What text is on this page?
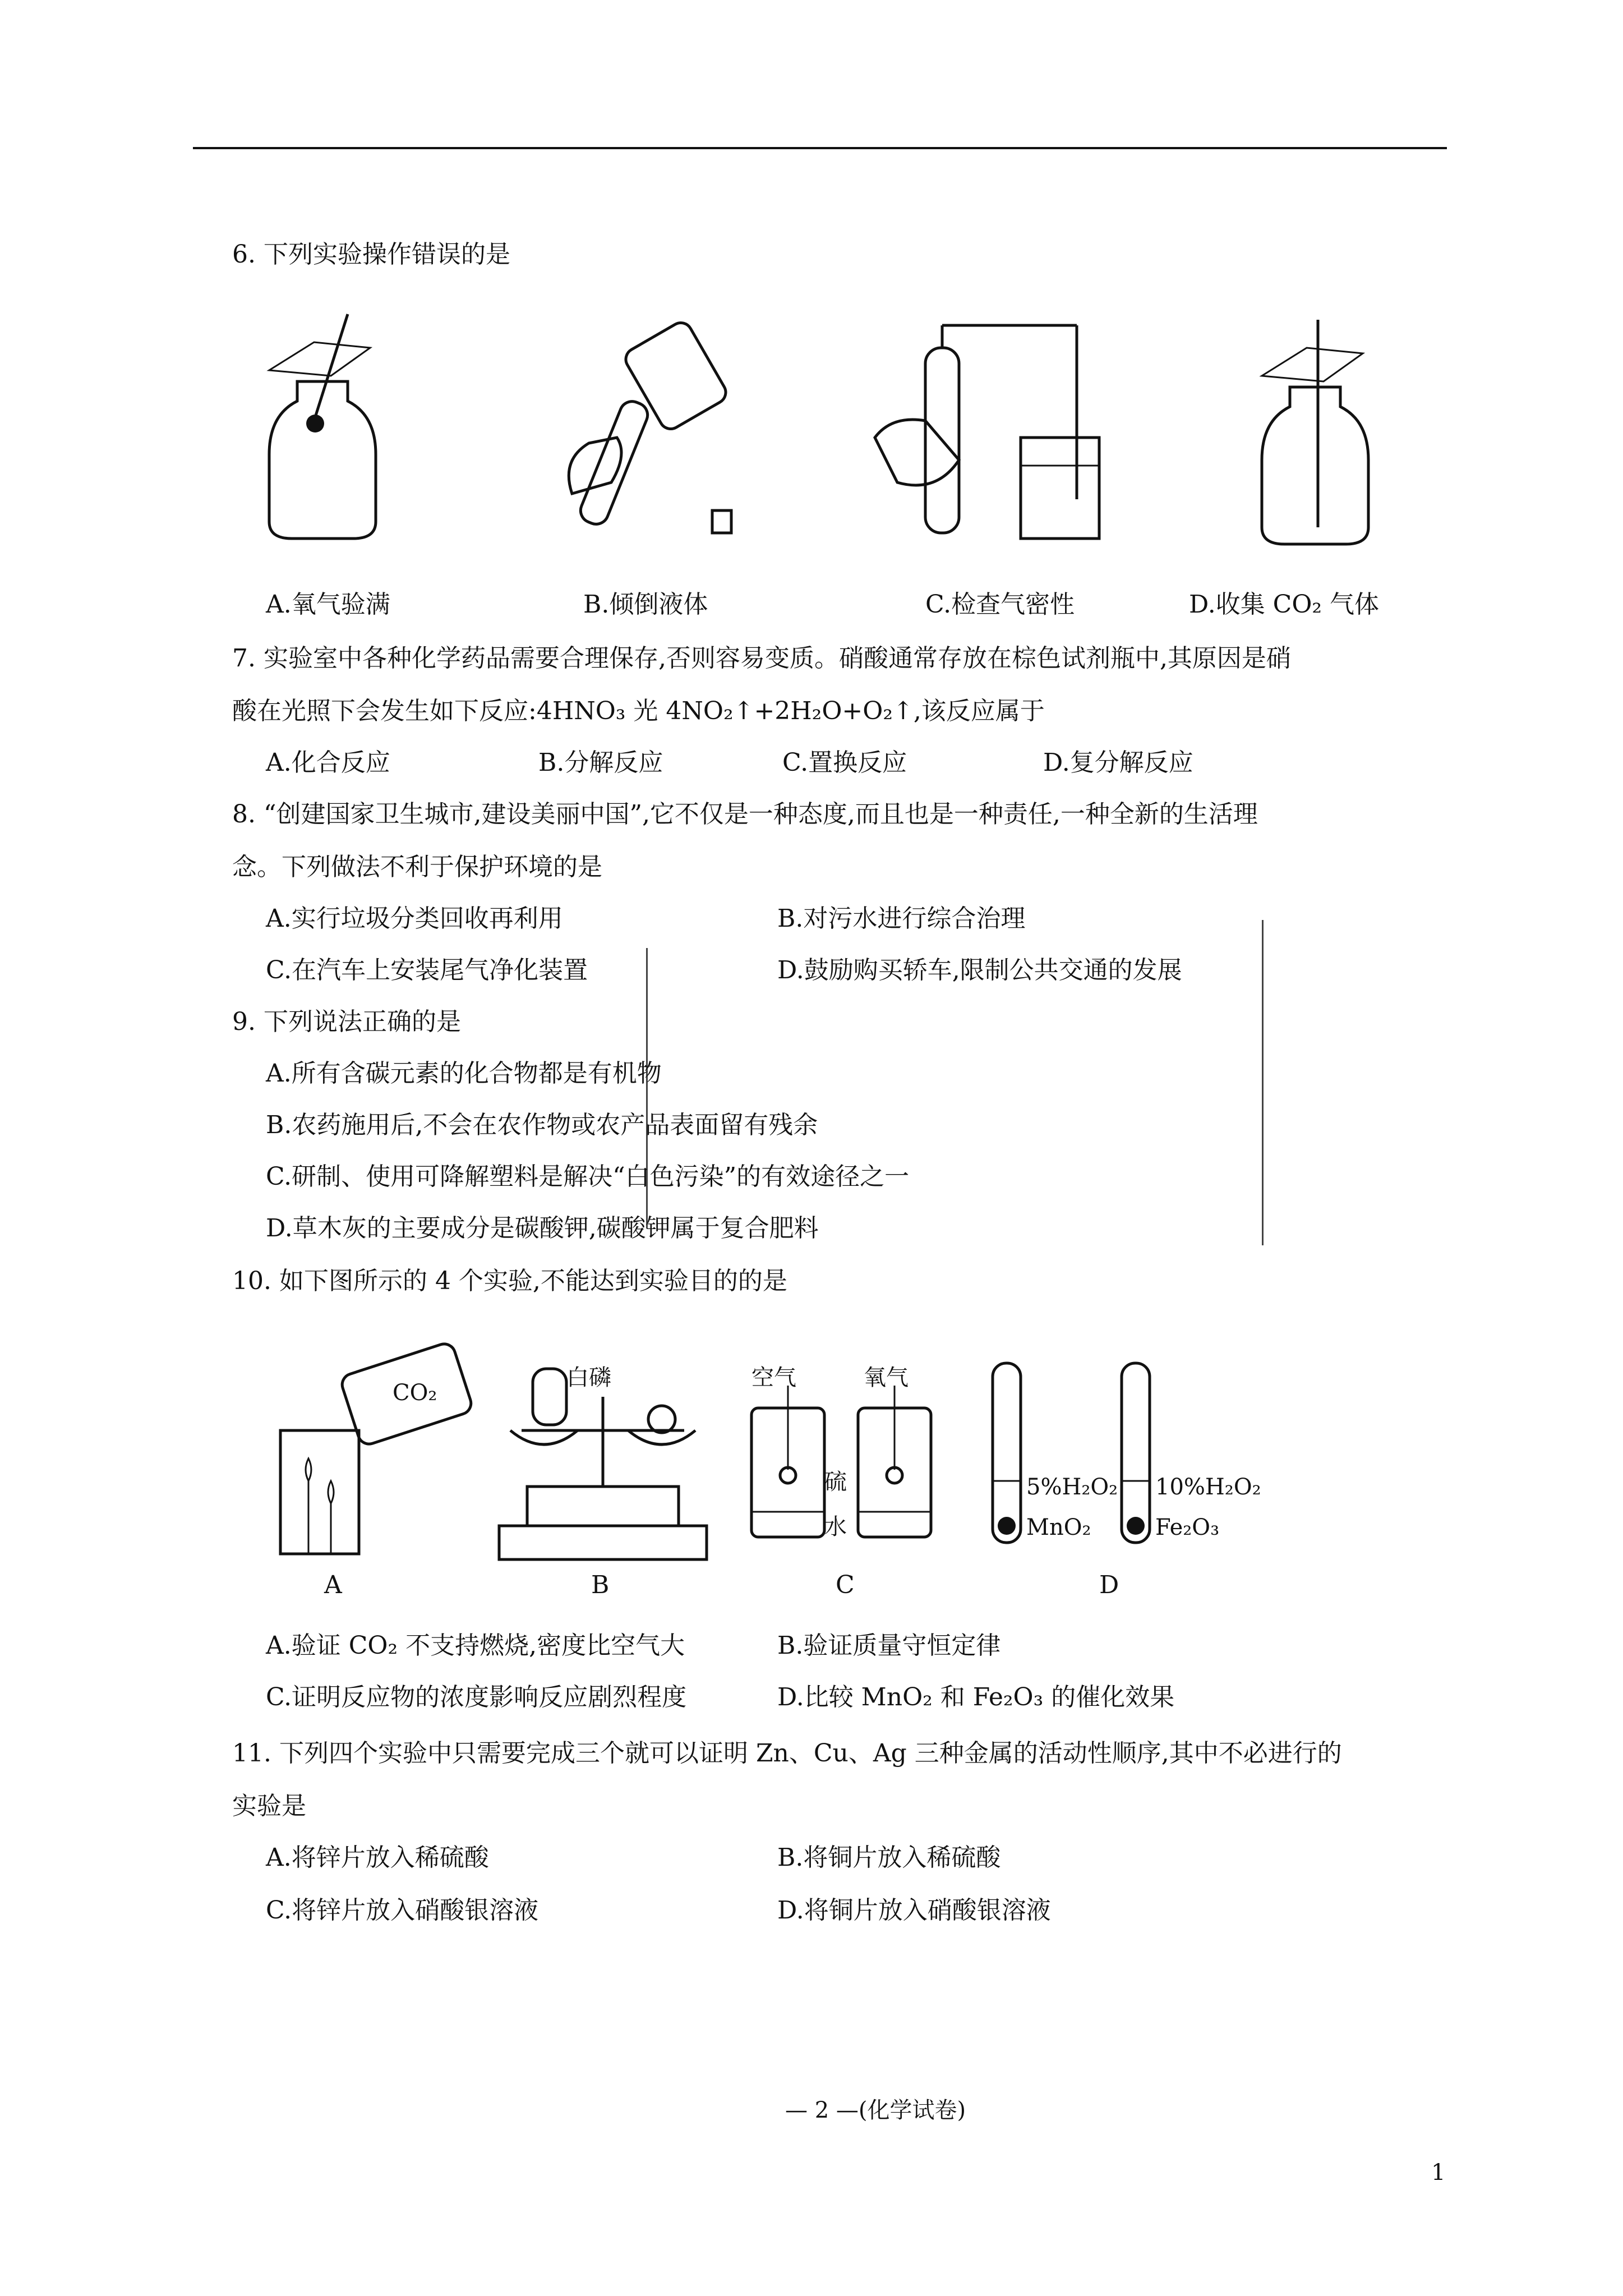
6. 下列实验操作错误的是
A.氧气验满	B.倾倒液体	C.检查气密性	D.收集 CO₂ 气体
7. 实验室中各种化学药品需要合理保存,否则容易变质。硝酸通常存放在棕色试剂瓶中,其原因是硝
酸在光照下会发生如下反应:4HNO₃ 光 4NO₂↑+2H₂O+O₂↑,该反应属于
A.化合反应	B.分解反应	C.置换反应	D.复分解反应
8. “创建国家卫生城市,建设美丽中国”,它不仅是一种态度,而且也是一种责任,一种全新的生活理
念。下列做法不利于保护环境的是
A.实行垃圾分类回收再利用	B.对污水进行综合治理
C.在汽车上安装尾气净化装置	D.鼓励购买轿车,限制公共交通的发展
9. 下列说法正确的是
A.所有含碳元素的化合物都是有机物
B.农药施用后,不会在农作物或农产品表面留有残余
C.研制、使用可降解塑料是解决“白色污染”的有效途径之一
D.草木灰的主要成分是碳酸钾,碳酸钾属于复合肥料
10. 如下图所示的 4 个实验,不能达到实验目的的是
CO₂
白磷	空气	氧气
硫
水
5%H₂O₂
MnO₂
10%H₂O₂
Fe₂O₃
A	B	C	D
A.验证 CO₂ 不支持燃烧,密度比空气大	B.验证质量守恒定律
C.证明反应物的浓度影响反应剧烈程度	D.比较 MnO₂ 和 Fe₂O₃ 的催化效果
11. 下列四个实验中只需要完成三个就可以证明 Zn、Cu、Ag 三种金属的活动性顺序,其中不必进行的
实验是
A.将锌片放入稀硫酸	B.将铜片放入稀硫酸
C.将锌片放入硝酸银溶液	D.将铜片放入硝酸银溶液
— 2 —(化学试卷)
1
